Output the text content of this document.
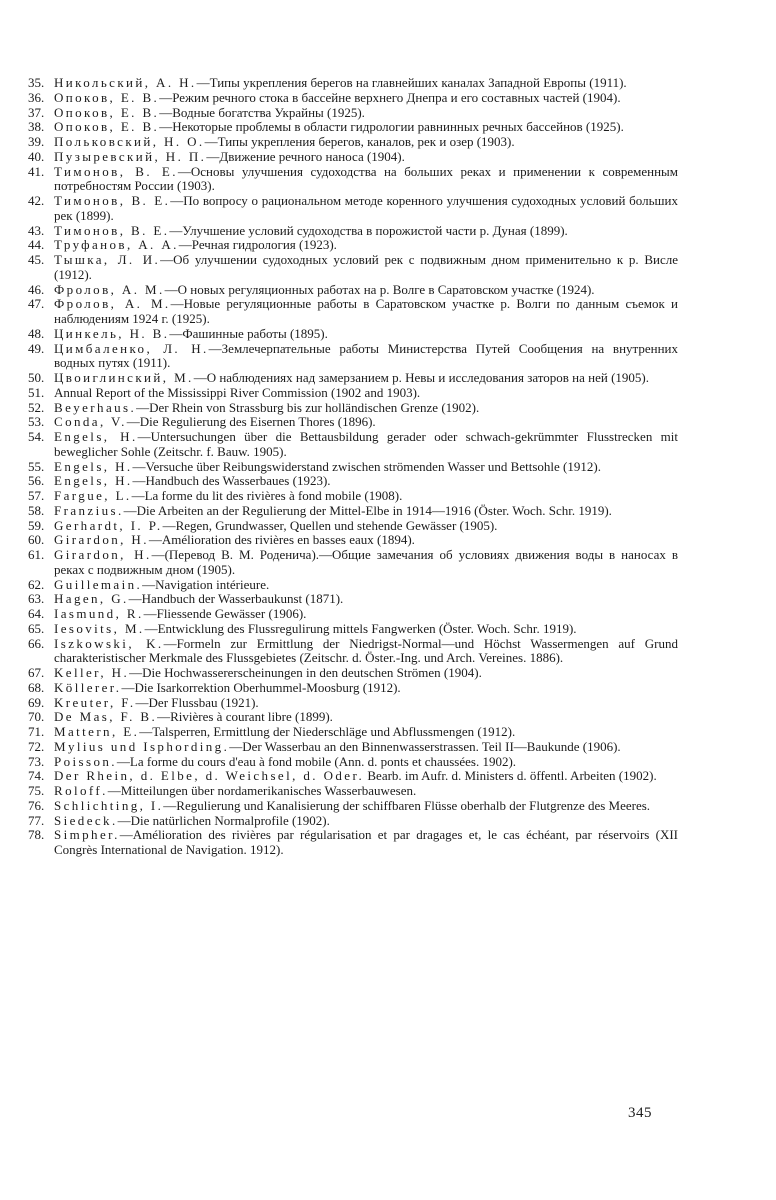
35. Никольский, А. Н.—Типы укрепления берегов на главнейших каналах Западной Европы (1911).
36. Опоков, Е. В.—Режим речного стока в бассейне верхнего Днепра и его составных частей (1904).
37. Опоков, Е. В.—Водные богатства Украйны (1925).
38. Опоков, Е. В.—Некоторые проблемы в области гидрологии равнинных речных бассейнов (1925).
39. Польковский, Н. О.—Типы укрепления берегов, каналов, рек и озер (1903).
40. Пузыревский, Н. П.—Движение речного наноса (1904).
41. Тимонов, В. Е.—Основы улучшения судоходства на больших реках и применении к современным потребностям России (1903).
42. Тимонов, В. Е.—По вопросу о рациональном методе коренного улучшения судоходных условий больших рек (1899).
43. Тимонов, В. Е.—Улучшение условий судоходства в порожистой части р. Дуная (1899).
44. Труфанов, А. А.—Речная гидрология (1923).
45. Тышка, Л. И.—Об улучшении судоходных условий рек с подвижным дном применительно к р. Висле (1912).
46. Фролов, А. М.—О новых регуляционных работах на р. Волге в Саратовском участке (1924).
47. Фролов, А. М.—Новые регуляционные работы в Саратовском участке р. Волги по данным съемок и наблюдениям 1924 г. (1925).
48. Цинкель, Н. В.—Фашинные работы (1895).
49. Цимбаленко, Л. Н.—Землечерпательные работы Министерства Путей Сообщения на внутренних водных путях (1911).
50. Цвоиглинский, М.—О наблюдениях над замерзанием р. Невы и исследования заторов на ней (1905).
51. Annual Report of the Mississippi River Commission (1902 and 1903).
52. Beyerhaus.—Der Rhein von Strassburg bis zur holländischen Grenze (1902).
53. Conda, V.—Die Regulierung des Eisernen Thores (1896).
54. Engels, H.—Untersuchungen über die Bettausbildung gerader oder schwach-gekrümmter Flusstrecken mit beweglicher Sohle (Zeitschr. f. Bauw. 1905).
55. Engels, H.—Versuche über Reibungswiderstand zwischen strömenden Wasser und Bettsohle (1912).
56. Engels, H.—Handbuch des Wasserbaues (1923).
57. Fargue, L.—La forme du lit des rivières à fond mobile (1908).
58. Franzius.—Die Arbeiten an der Regulierung der Mittel-Elbe in 1914—1916 (Öster. Woch. Schr. 1919).
59. Gerhardt, I. P.—Regen, Grundwasser, Quellen und stehende Gewässer (1905).
60. Girardon, H.—Amélioration des rivières en basses eaux (1894).
61. Girardon, H.—(Перевод В. М. Роденича).—Общие замечания об условиях движения воды в наносах в реках с подвижным дном (1905).
62. Guillemain.—Navigation intérieure.
63. Hagen, G.—Handbuch der Wasserbaukunst (1871).
64. Iasmund, R.—Fliessende Gewässer (1906).
65. Iesovits, M.—Entwicklung des Flussregulirung mittels Fangwerken (Öster. Woch. Schr. 1919).
66. Iszkowski, K.—Formeln zur Ermittlung der Niedrigst-Normal—und Höchst Wassermengen auf Grund charakteristischer Merkmale des Flussgebietes (Zeitschr. d. Öster.-Ing. und Arch. Vereines. 1886).
67. Keller, H.—Die Hochwassererscheinungen in den deutschen Strömen (1904).
68. Köllerer.—Die Isarkorrektion Oberhummel-Moosburg (1912).
69. Kreuter, F.—Der Flussbau (1921).
70. De Mas, F. B.—Rivières à courant libre (1899).
71. Mattern, E.—Talsperren, Ermittlung der Niederschläge und Abflussmengen (1912).
72. Mylius und Isphording.—Der Wasserbau an den Binnenwasserstrassen. Teil II—Baukunde (1906).
73. Poisson.—La forme du cours d'eau à fond mobile (Ann. d. ponts et chaussées. 1902).
74. Der Rhein, d. Elbe, d. Weichsel, d. Oder. Bearb. im Aufr. d. Ministers d. öffentl. Arbeiten (1902).
75. Roloff.—Mitteilungen über nordamerikanisches Wasserbauwesen.
76. Schlichting, I.—Regulierung und Kanalisierung der schiffbaren Flüsse oberhalb der Flutgrenze des Meeres.
77. Siedeck.—Die natürlichen Normalprofile (1902).
78. Simpher.—Amélioration des rivières par régularisation et par dragages et, le cas échéant, par réservoirs (XII Congrès International de Navigation. 1912).
345
